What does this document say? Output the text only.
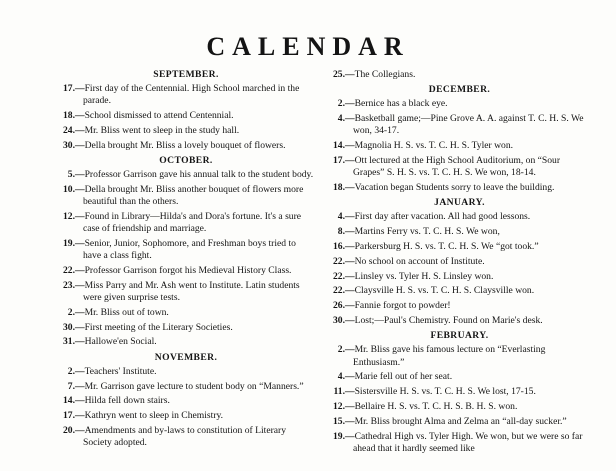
CALENDAR
SEPTEMBER.
17.—First day of the Centennial. High School marched in the parade.
18.—School dismissed to attend Centennial.
24.—Mr. Bliss went to sleep in the study hall.
30.—Della brought Mr. Bliss a lovely bouquet of flowers.
OCTOBER.
5.—Professor Garrison gave his annual talk to the student body.
10.—Della brought Mr. Bliss another bouquet of flowers more beautiful than the others.
12.—Found in Library—Hilda's and Dora's fortune. It's a sure case of friendship and marriage.
19.—Senior, Junior, Sophomore, and Freshman boys tried to have a class fight.
22.—Professor Garrison forgot his Medieval History Class.
23.—Miss Parry and Mr. Ash went to Institute. Latin students were given surprise tests.
2.—Mr. Bliss out of town.
30.—First meeting of the Literary Societies.
31.—Hallowe'en Social.
NOVEMBER.
2.—Teachers' Institute.
7.—Mr. Garrison gave lecture to student body on “Manners.”
14.—Hilda fell down stairs.
17.—Kathryn went to sleep in Chemistry.
20.—Amendments and by-laws to constitution of Literary Society adopted.
25.—The Collegians.
DECEMBER.
2.—Bernice has a black eye.
4.—Basketball game;—Pine Grove A. A. against T. C. H. S. We won, 34-17.
14.—Magnolia H. S. vs. T. C. H. S. Tyler won.
17.—Ott lectured at the High School Auditorium, on “Sour Grapes” S. H. S. vs. T. C. H. S. We won, 18-14.
18.—Vacation began Students sorry to leave the building.
JANUARY.
4.—First day after vacation. All had good lessons.
8.—Martins Ferry vs. T. C. H. S. We won,
16.—Parkersburg H. S. vs. T. C. H. S. We “got took.”
22.—No school on account of Institute.
22.—Linsley vs. Tyler H. S. Linsley won.
22.—Claysville H. S. vs. T. C. H. S. Claysville won.
26.—Fannie forgot to powder!
30.—Lost;—Paul's Chemistry. Found on Marie's desk.
FEBRUARY.
2.—Mr. Bliss gave his famous lecture on “Everlasting Enthusiasm.”
4.—Marie fell out of her seat.
11.—Sistersville H. S. vs. T. C. H. S. We lost, 17-15.
12.—Bellaire H. S. vs. T. C. H. S. B. H. S. won.
15.—Mr. Bliss brought Alma and Zelma an “all-day sucker.”
19.—Cathedral High vs. Tyler High. We won, but we were so far ahead that it hardly seemed like
